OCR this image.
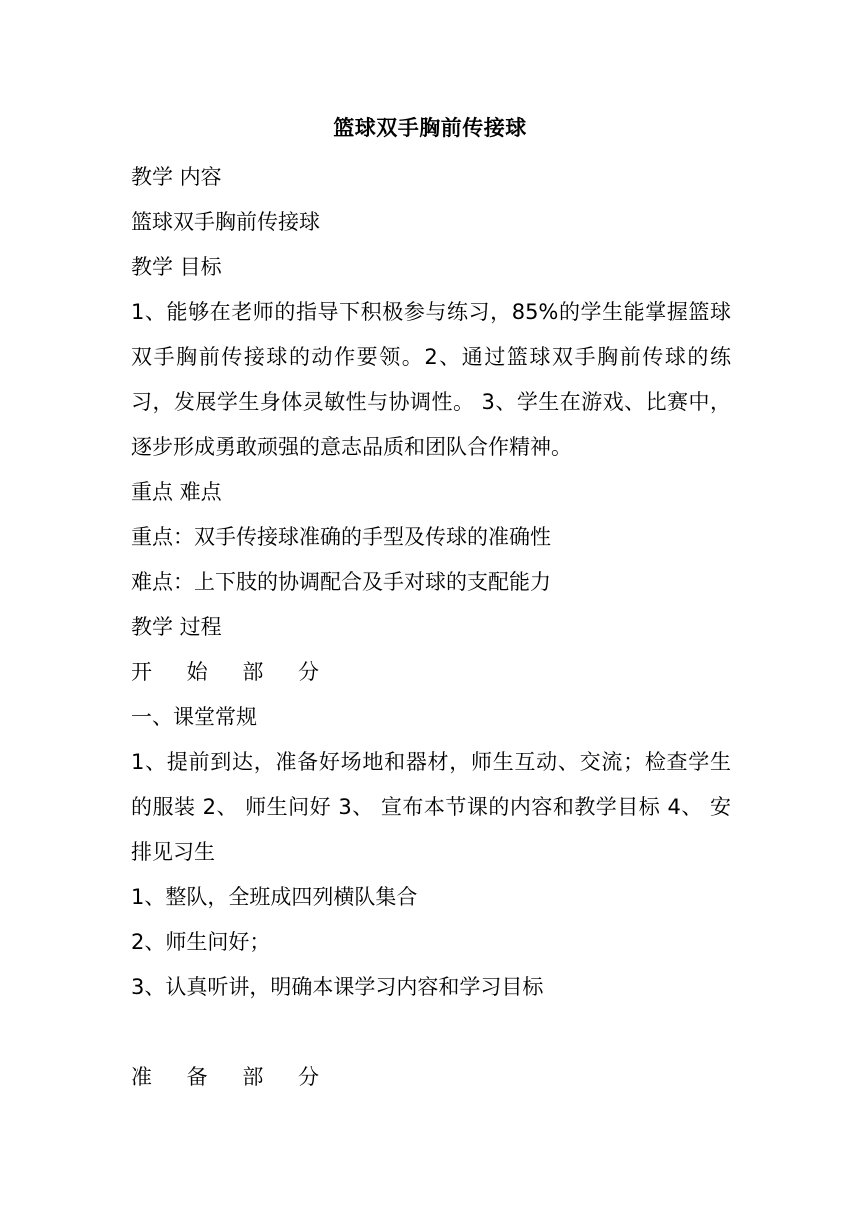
篮球双手胸前传接球
教学 内容
篮球双手胸前传接球
教学 目标
1、能够在老师的指导下积极参与练习，85%的学生能掌握篮球双手胸前传接球的动作要领。2、通过篮球双手胸前传球的练习，发展学生身体灵敏性与协调性。 3、学生在游戏、比赛中，逐步形成勇敢顽强的意志品质和团队合作精神。
重点 难点
重点：双手传接球准确的手型及传球的准确性
难点：上下肢的协调配合及手对球的支配能力
教学 过程
开 始 部 分
一、课堂常规
1、提前到达，准备好场地和器材，师生互动、交流；检查学生的服装 2、 师生问好 3、 宣布本节课的内容和教学目标 4、 安排见习生
1、整队，全班成四列横队集合
2、师生问好；
3、认真听讲，明确本课学习内容和学习目标
准 备 部 分
